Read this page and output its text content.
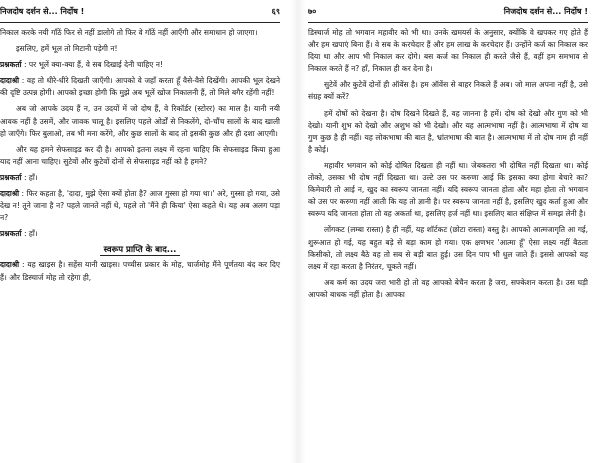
निजदोष दर्शन से... निर्दोष !	६९

निकाल करके नयी गाँठें फिर से नहीं डालोगे तो फिर वे गाँठें नहीं आएँगी और समाधान हो जाएगा।

इसलिए, हमें भूल तो मिटानी पड़ेगी न!

प्रश्नकर्ता : पर भूलें क्या-क्या हैं, वे सब दिखाई देनी चाहिए न!

दादाश्री : वह तो धीरे-धीरे दिखती जाएँगी। आपको वे जहाँ करता हूँ वैसे-वैसे दिखेंगी। आपकी भूल देखने की दृष्टि उत्पन्न होगी। आपको इच्छा होगी कि मुझे अब भूलें खोज निकालनी हैं, तो मिले बगैर रहेंगी नहीं!

अब जो आपके उदय हैं न, उन उदयों में जो दोष हैं, वे रिकॉर्डर (स्टोरर) का माल है। यानी नयी आवक नहीं है उसमें, और जावक चालू है। इसलिए पहले ओर्डों से निकलेंगे, दो-चौंच सालों के बाद खाली हो जाएँगे। फिर बुलाओ, तब भी मना करेंगे, और कुछ सालों के बाद तो इसकी कुछ और ही दशा आएगी।

और यह हमने सेफसाइड कर दी है। आपको इतना लक्ष्य में रहना चाहिए कि सेफसाइड किया हुआ याद नहीं आना चाहिए। सुटेवों और कुटेवों दोनों से सेफसाइड नहीं को है हमने?

प्रश्नकर्ता : हाँ।

दादाश्री : फिर कहता है, 'दादा, मुझे ऐसा क्यों होता है? आज गुस्सा हो गया था।' अरे, गुस्सा हो गया, उसे देख न! तूने जाना है न? पहले जानते नहीं थे, पहले तो 'मैंने ही किया' ऐसा कहते थे। यह अब अलग पड़ा न?

प्रश्नकर्ता : हाँ।

स्वरूप प्राप्ति के बाद...

दादाश्री : यह खाइस है। सहेंस यानी खाइस। पच्चीस प्रकार के मोह, चार्जमोह मैंने पूर्णतया बंद कर दिए हैं। और डिस्चार्ज मोह तो रहेगा ही,

७०	निजदोष दर्शन से... निर्दोष !

डिस्चार्ज मोह तो भगवान महावीर को भी था। उनके खमयर्स के अनुसार, क्योंकि वे खपकर गए होते हैं और हम खपाएं बिना हैं। वे सब के करचेदार हैं और हम लाख के करचेदार हैं। उन्होंने कर्ज का निकाल कर दिया था और आप भी निकाल कर दोगे। बस कर्ज का निकाल ही करते जैसे हैं, वहीं हम समभाव से निकाल करते हैं न? हाँ, निकाल ही कर देना है।

सुटेवें और कुटेवें दोनों ही ऑवेंस है। हम ऑवेंस से बाहर निकले हैं अब। जो माल अपना नहीं है, उसे संग्रह क्यों करें?

हमें दोषों को देखना है। दोष दिखने दिखते हैं, वह जानना है हमें। दोष को देखो और गुण को भी देखो। यानी शुभ को देखो और अशुभ को भी देखो। और यह आत्मभाषा नहीं है। आत्मभाषा में दोष या गुण कुछ है ही नहीं। यह लोकभाषा की बात है, भ्रांतभाषा की बात है। आत्मभाषा में तो दोष नाम ही नहीं है कोई।

महावीर भगवान को कोई दोषित दिखता ही नहीं था। जेबकतरा भी दोषित नहीं दिखता था। कोई तोको, उसका भी दोष नहीं दिखता था। उल्टे उस पर करुणा आई कि इसका क्या होगा बेचारे का? किमेवारी तो आई न, खुद का स्वरूप जानता नहीं। यदि स्वरूप जानता होता और महा होता तो भगवान को उस पर करुणा नहीं आती कि यह तो ज्ञानी है। पर स्वरूप जानता नहीं है, इसलिए खुद कर्ता हुआ और स्वरूप यदि जानता होता तो वह अकर्ता था, इसलिए हर्ज नहीं था। इसलिए बात संक्षिप्त में समझ लेनी है।

लोंगकट (लम्बा रास्ता) है ही नहीं, यह शॉर्टकट (छोटा रास्ता) वस्तु है। आपको आत्मजागृति आ गई, शुरूआत हो गई, यह बहुत बड़े से बड़ा काम हो गया। एक क्षणभर 'आत्मा हूँ' ऐसा लक्ष्य नहीं बैठता किसीको, तो लक्ष्य बैठे वह तो सब से बड़ी बात हुई। उस दिन पाप भी धुल जाते हैं। इससे आपको यह लक्ष्य में रहा करता है निरंतर, चूकते नहीं।

अब कर्म का उदय जरा भारी हो तो वह आपको बेचैन करता है जरा, सफ्केशन करता है। उस घड़ी आपको बाधक नहीं होता है। आपका
